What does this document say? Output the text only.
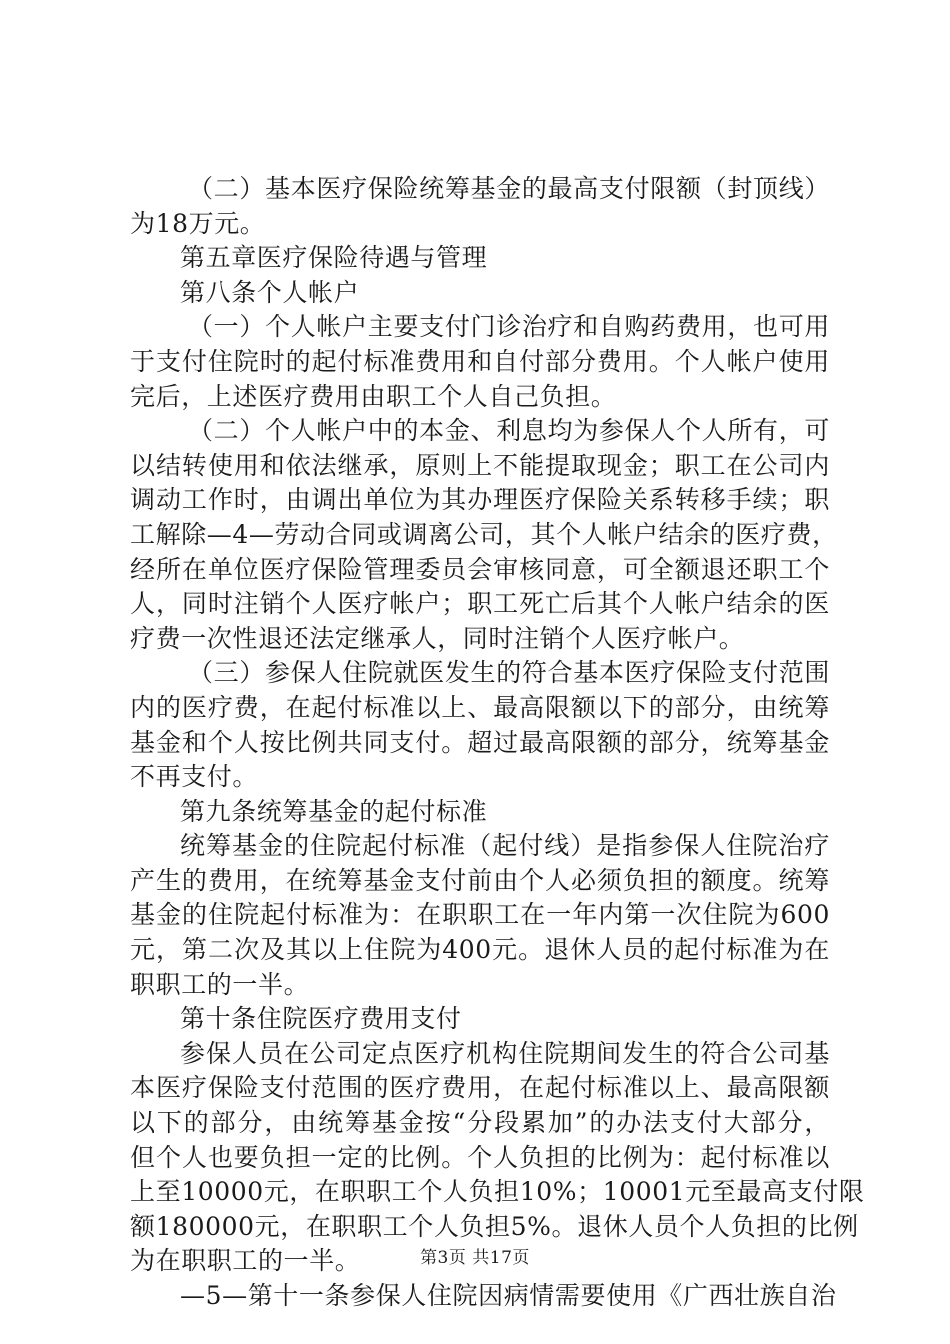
（二）基本医疗保险统筹基金的最高支付限额（封顶线）
为18万元。
第五章医疗保险待遇与管理
第八条个人帐户
（一）个人帐户主要支付门诊治疗和自购药费用，也可用
于支付住院时的起付标准费用和自付部分费用。个人帐户使用
完后，上述医疗费用由职工个人自己负担。
（二）个人帐户中的本金、利息均为参保人个人所有，可
以结转使用和依法继承，原则上不能提取现金；职工在公司内
调动工作时，由调出单位为其办理医疗保险关系转移手续；职
工解除—4—劳动合同或调离公司，其个人帐户结余的医疗费，
经所在单位医疗保险管理委员会审核同意，可全额退还职工个
人，同时注销个人医疗帐户；职工死亡后其个人帐户结余的医
疗费一次性退还法定继承人，同时注销个人医疗帐户。
（三）参保人住院就医发生的符合基本医疗保险支付范围
内的医疗费，在起付标准以上、最高限额以下的部分，由统筹
基金和个人按比例共同支付。超过最高限额的部分，统筹基金
不再支付。
第九条统筹基金的起付标准
统筹基金的住院起付标准（起付线）是指参保人住院治疗
产生的费用，在统筹基金支付前由个人必须负担的额度。统筹
基金的住院起付标准为：在职职工在一年内第一次住院为600
元，第二次及其以上住院为400元。退休人员的起付标准为在
职职工的一半。
第十条住院医疗费用支付
参保人员在公司定点医疗机构住院期间发生的符合公司基
本医疗保险支付范围的医疗费用，在起付标准以上、最高限额
以下的部分，由统筹基金按“分段累加”的办法支付大部分，
但个人也要负担一定的比例。个人负担的比例为：起付标准以
上至10000元，在职职工个人负担10%；10001元至最高支付限
额180000元，在职职工个人负担5%。退休人员个人负担的比例
为在职职工的一半。
—5—第十一条参保人住院因病情需要使用《广西壮族自治
第3页 共17页
